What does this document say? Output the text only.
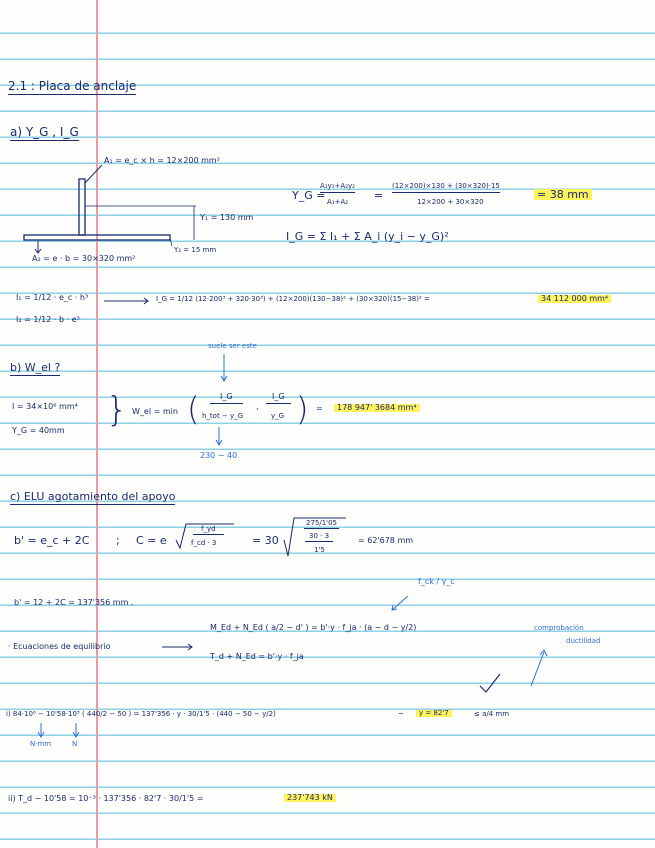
2.1 : Placa de anclaje
a) Y_G , I_G
A₁ = e_c × h = 12×200 mm²
Y₁ = 130 mm
Y₂ = 15 mm
A₂ = e · b = 30×320 mm²
Y_G =
A₁y₁+A₂y₂
A₁+A₂ =
(12×200)×130 + (30×320)·15
12×200 + 30×320
= 38 mm
I_G = Σ I₁ + Σ A_i (y_i − y_G)²
I₁ = 1/12 · e_c · h³
I₂ = 1/12 · b · e³
I_G = 1/12 (12·200³ + 320·30³) + (12×200)(130−38)² + (30×320)(15−38)² =	34 112 000 mm⁴
suele ser este
b) W_el ?
I = 34×10⁶ mm⁴
Y_G = 40mm
} W_el = min (	I_G
h_tot − y_G
,
I_G
y_G ) =	178 947' 3684 mm⁴
230 − 40
c) ELU agotamiento del apoyo
b' = e_c + 2C ; C = e
f_yd
f_cd · 3	= 30
275/1'05
30 · 3
1'5
= 62'678 mm
b' = 12 + 2C = 137'356 mm .
f_ck / γ_c
· Ecuaciones de equilibrio
M_Ed + N_Ed ( a/2 − d' ) = b'·y · f_ja · (a − d − y/2)
T_d + N_Ed = b'·y · f_ja
comprobación
ductilidad
i) 84·10⁶ − 10'58·10³ ( 440/2 − 50 ) = 137'356 · y · 30/1'5 · (440 − 50 − y/2)	~	y = 82'7	≤ a/4 mm
N·mm	N
ii) T_d − 10'58 = 10⁻³ · 137'356 · 82'7 · 30/1'5 =	237'743 kN
